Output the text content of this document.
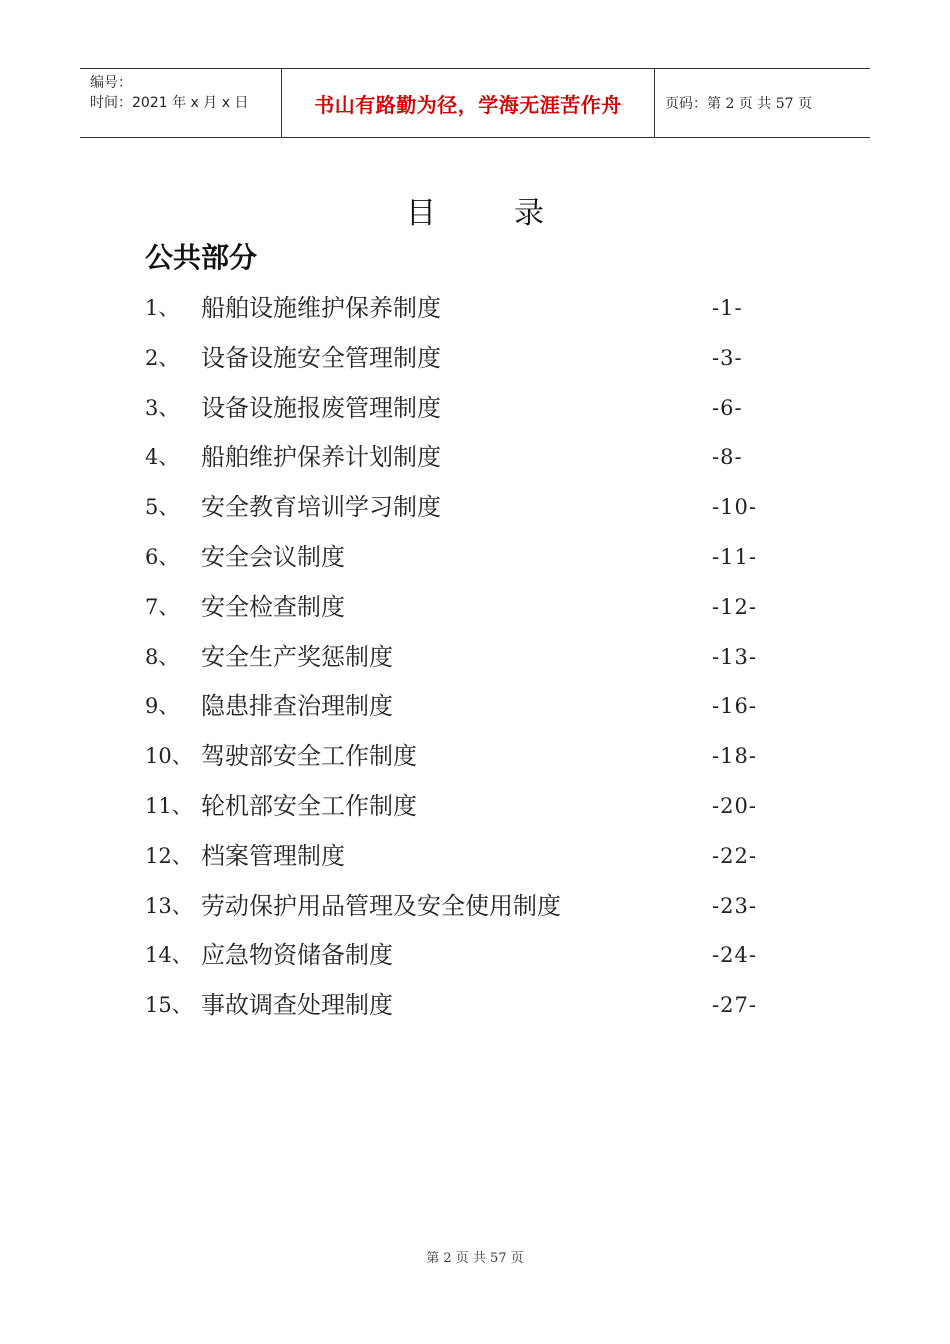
编号：
时间：2021 年 x 月 x 日	书山有路勤为径，学海无涯苦作舟	页码： 第 2 页 共 57 页
目	录
公共部分
1、 船舶设施维护保养制度	-1-
2、 设备设施安全管理制度	-3-
3、 设备设施报废管理制度	-6-
4、 船舶维护保养计划制度	-8-
5、 安全教育培训学习制度	-10-
6、 安全会议制度	-11-
7、 安全检查制度	-12-
8、 安全生产奖惩制度	-13-
9、 隐患排查治理制度	-16-
10、 驾驶部安全工作制度	-18-
11、 轮机部安全工作制度	-20-
12、 档案管理制度	-22-
13、 劳动保护用品管理及安全使用制度	-23-
14、 应急物资储备制度	-24-
15、 事故调查处理制度	-27-
第 2 页 共 57 页
